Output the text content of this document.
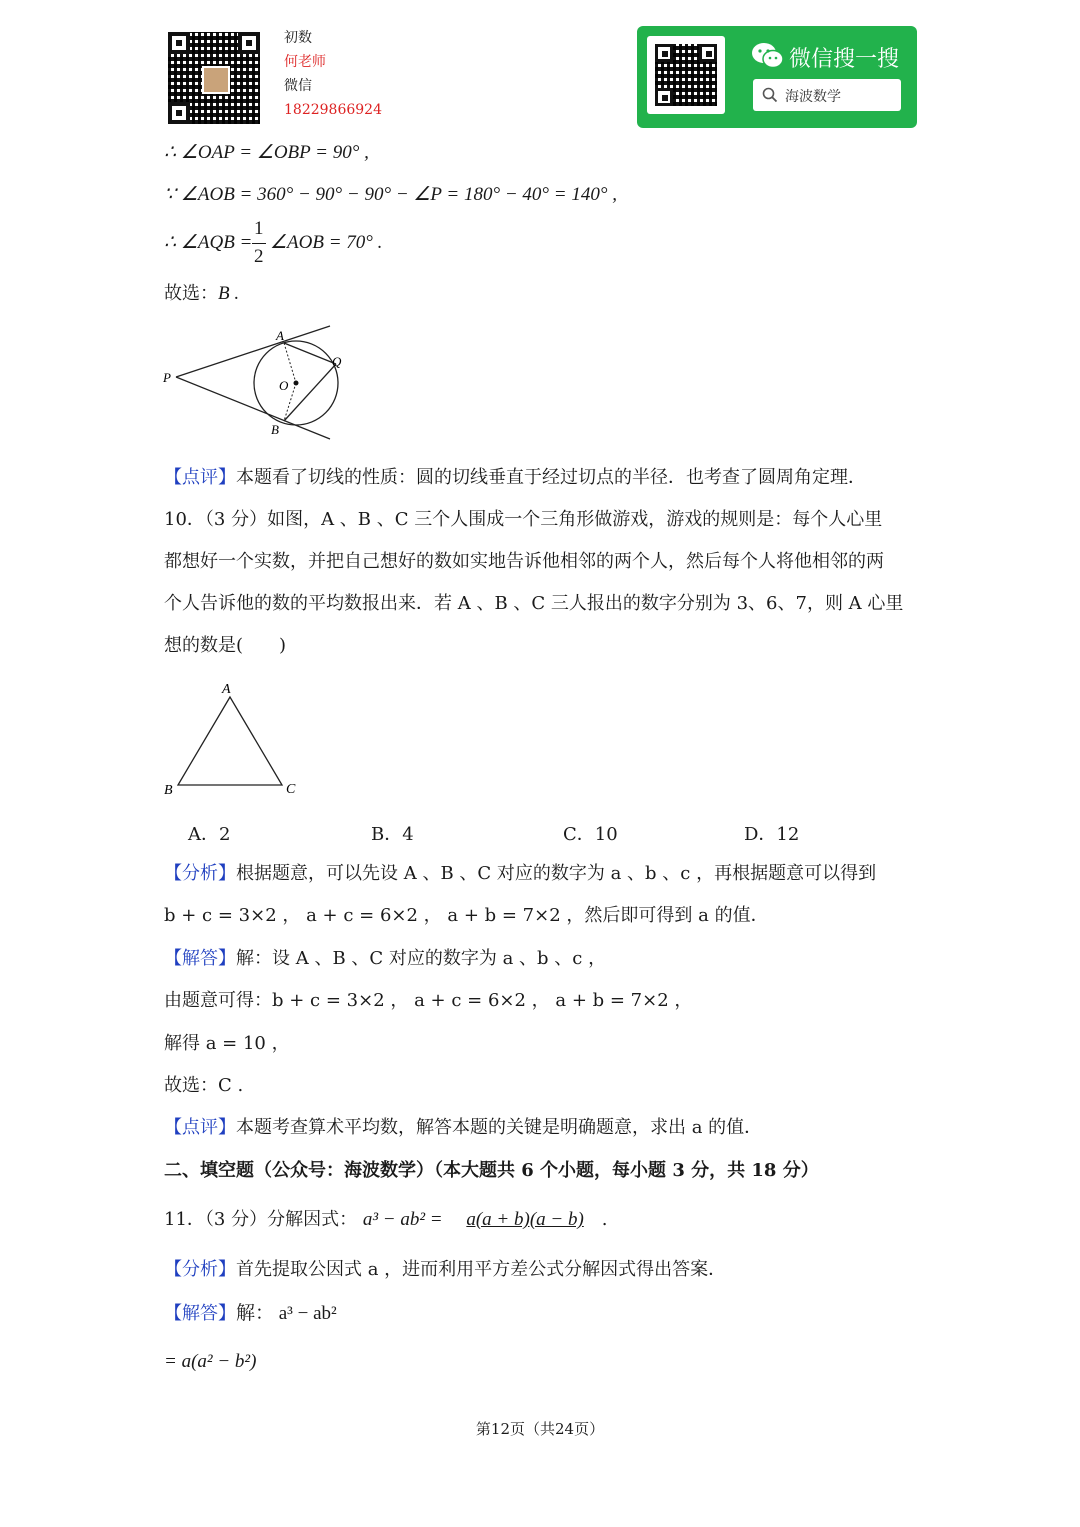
初数
何老师
微信
18229866924
微信搜一搜
海波数学
∴ ∠OAP = ∠OBP = 90° ,
∵ ∠AOB = 360° − 90° − 90° − ∠P = 180° − 40° = 140° ,
∴ ∠AQB =
1
2
∠AOB = 70° .
故选：B .
A
Q
P
O
B
【点评】本题看了切线的性质：圆的切线垂直于经过切点的半径．也考查了圆周角定理．
10．（3 分）如图，A 、B 、C 三个人围成一个三角形做游戏，游戏的规则是：每个人心里
都想好一个实数，并把自己想好的数如实地告诉他相邻的两个人，然后每个人将他相邻的两
个人告诉他的数的平均数报出来．若 A 、B 、C 三人报出的数字分别为 3、6、7，则 A 心里
想的数是(　　)
A
B	C
A．2	B．4	C．10	D．12
【分析】根据题意，可以先设 A 、B 、C 对应的数字为 a 、b 、c ，再根据题意可以得到
b + c = 3×2 ， a + c = 6×2 ， a + b = 7×2 ，然后即可得到 a 的值．
【解答】解：设 A 、B 、C 对应的数字为 a 、b 、c ，
由题意可得：b + c = 3×2 ， a + c = 6×2 ， a + b = 7×2 ，
解得 a = 10 ，
故选：C .
【点评】本题考查算术平均数，解答本题的关键是明确题意，求出 a 的值．
二、填空题（公众号：海波数学）（本大题共 6 个小题，每小题 3 分，共 18 分）
11．（3 分）分解因式： a³ − ab² = a(a + b)(a − b) .
【分析】首先提取公因式 a ，进而利用平方差公式分解因式得出答案．
【解答】解： a³ − ab²
= a(a² − b²)
第12页（共24页）
